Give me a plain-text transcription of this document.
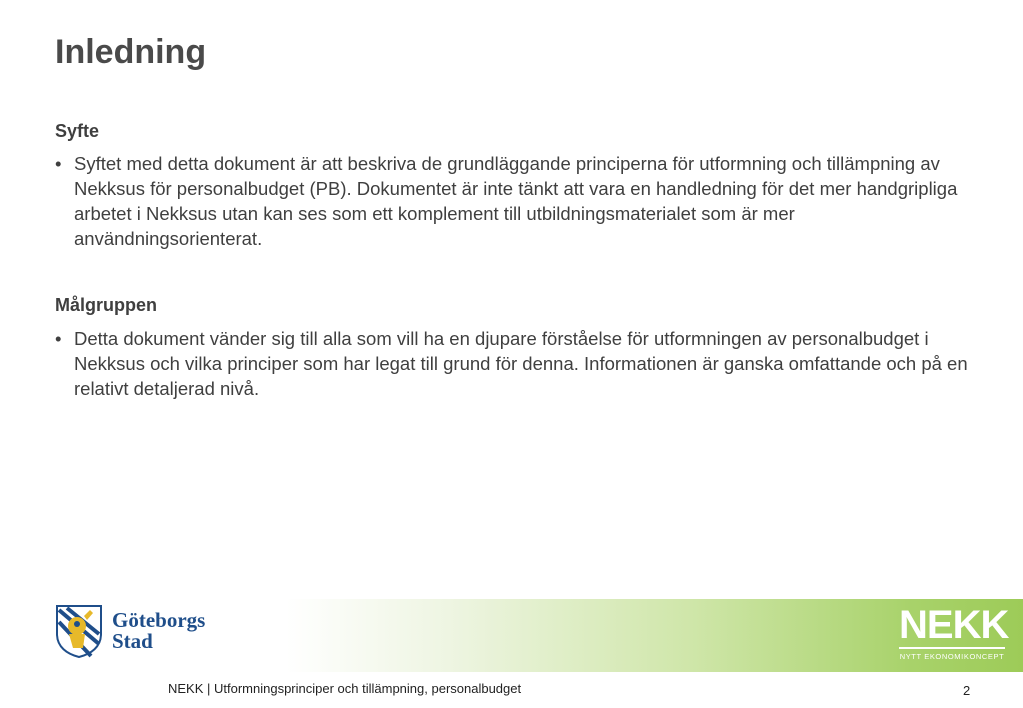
Inledning
Syfte
• Syftet med detta dokument är att beskriva de grundläggande principerna för utformning och tillämpning av Nekksus för personalbudget (PB). Dokumentet är inte tänkt att vara en handledning för det mer handgripliga arbetet i Nekksus utan kan ses som ett komplement till utbildningsmaterialet som är mer användningsorienterat.
Målgruppen
• Detta dokument vänder sig till alla som vill ha en djupare förståelse för utformningen av personalbudget i Nekksus och vilka principer som har legat till grund för denna. Informationen är ganska omfattande och på en relativt detaljerad nivå.
Göteborgs
Stad	NEKK
NYTT EKONOMIKONCEPT
NEKK | Utformningsprinciper och tillämpning, personalbudget	2
